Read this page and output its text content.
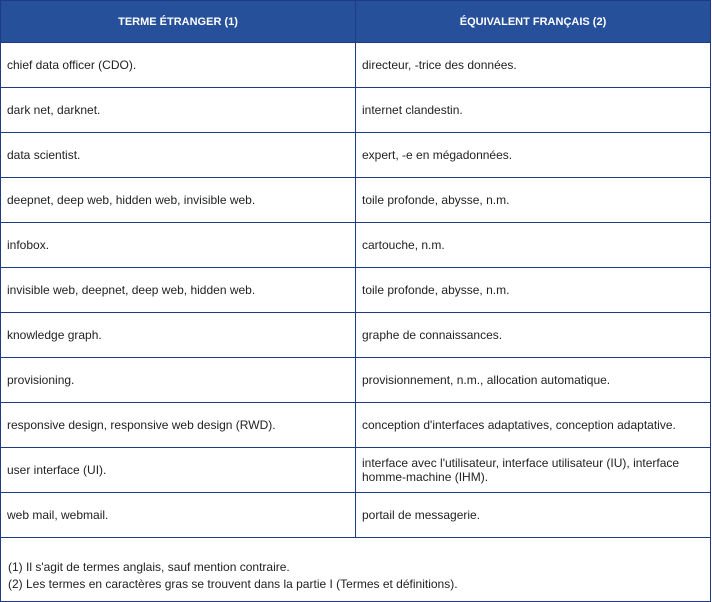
TERME ÉTRANGER (1)	ÉQUIVALENT FRANÇAIS (2)
chief data officer (CDO).	directeur, -trice des données.
dark net, darknet.	internet clandestin.
data scientist.	expert, -e en mégadonnées.
deepnet, deep web, hidden web, invisible web.	toile profonde, abysse, n.m.
infobox.	cartouche, n.m.
invisible web, deepnet, deep web, hidden web.	toile profonde, abysse, n.m.
knowledge graph.	graphe de connaissances.
provisioning.	provisionnement, n.m., allocation automatique.
responsive design, responsive web design (RWD).	conception d'interfaces adaptatives, conception adaptative.
user interface (UI).	interface avec l'utilisateur, interface utilisateur (IU), interface homme-machine (IHM).
web mail, webmail.	portail de messagerie.

(1) Il s'agit de termes anglais, sauf mention contraire.

(2) Les termes en caractères gras se trouvent dans la partie I (Termes et définitions).
